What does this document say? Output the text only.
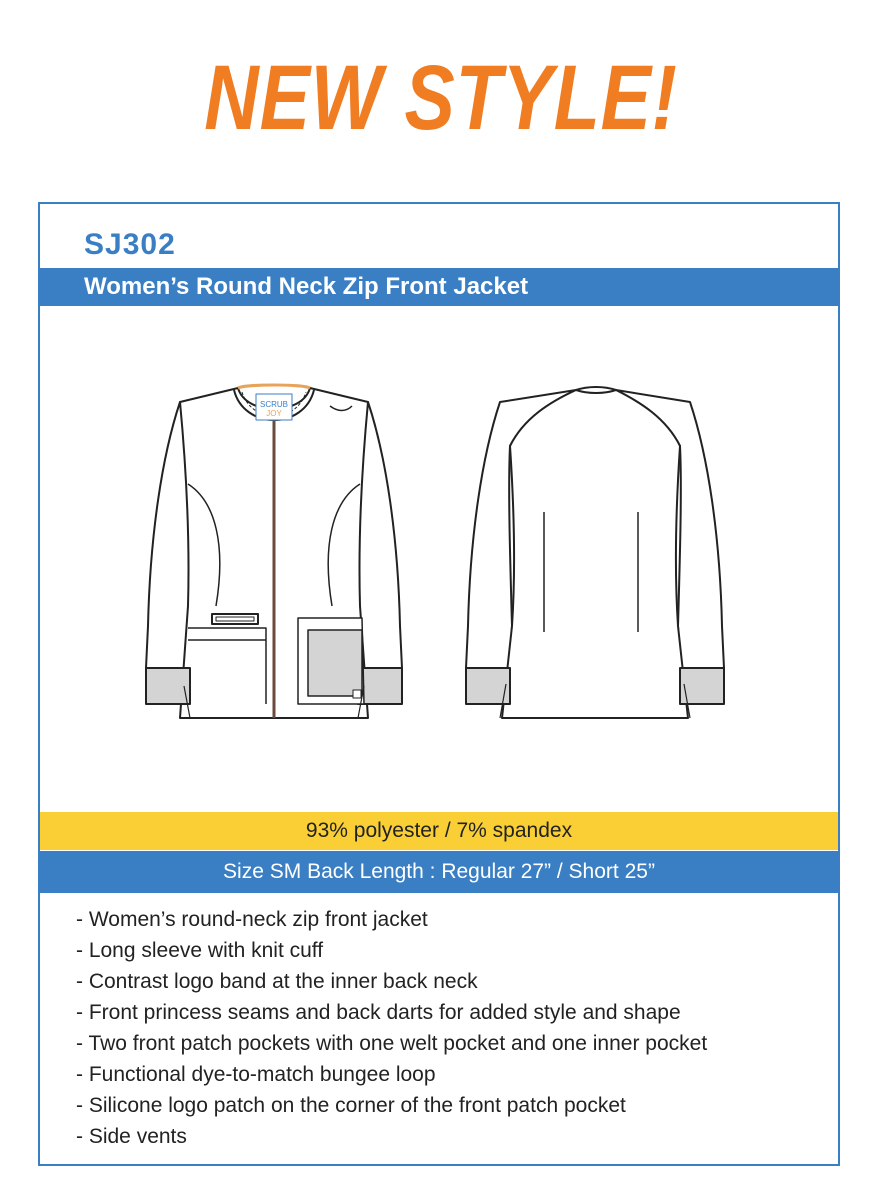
NEW STYLE!
SJ302
Women’s Round Neck Zip Front Jacket
SCRUB
JOY
93% polyester / 7% spandex
Size SM Back Length : Regular 27” / Short 25”
- Women’s round-neck zip front jacket
- Long sleeve with knit cuff
- Contrast logo band at the inner back neck
- Front princess seams and back darts for added style and shape
- Two front patch pockets with one welt pocket and one inner pocket
- Functional dye-to-match bungee loop
- Silicone logo patch on the corner of the front patch pocket
- Side vents
